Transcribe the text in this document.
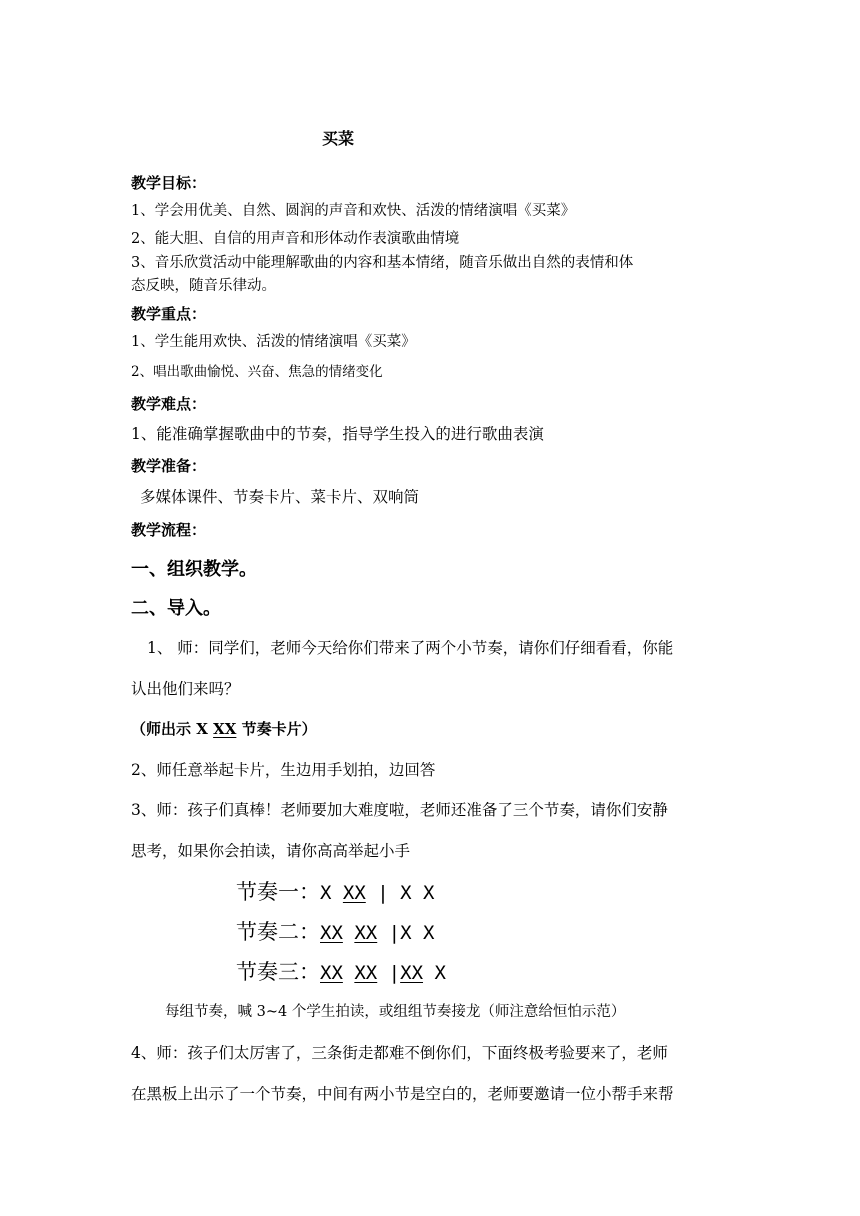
买菜
教学目标：
1、学会用优美、自然、圆润的声音和欢快、活泼的情绪演唱《买菜》
2、能大胆、自信的用声音和形体动作表演歌曲情境
3、音乐欣赏活动中能理解歌曲的内容和基本情绪，随音乐做出自然的表情和体
态反映，随音乐律动。
教学重点：
1、学生能用欢快、活泼的情绪演唱《买菜》
2、唱出歌曲愉悦、兴奋、焦急的情绪变化
教学难点：
1、能准确掌握歌曲中的节奏，指导学生投入的进行歌曲表演
教学准备：
多媒体课件、节奏卡片、菜卡片、双响筒
教学流程：
一、组织教学。
二、导入。
1、 师：同学们，老师今天给你们带来了两个小节奏，请你们仔细看看，你能
认出他们来吗？
（师出示 X XX 节奏卡片）
2、师任意举起卡片，生边用手划拍，边回答
3、师：孩子们真棒！老师要加大难度啦，老师还准备了三个节奏，请你们安静
思考，如果你会拍读，请你高高举起小手
节奏一：X XX | X X
节奏二：XX XX |X X
节奏三：XX XX |XX X
每组节奏，喊 3~4 个学生拍读，或组组节奏接龙（师注意给恒怕示范）
4、师：孩子们太厉害了，三条街走都难不倒你们，下面终极考验要来了，老师
在黑板上出示了一个节奏，中间有两小节是空白的，老师要邀请一位小帮手来帮
